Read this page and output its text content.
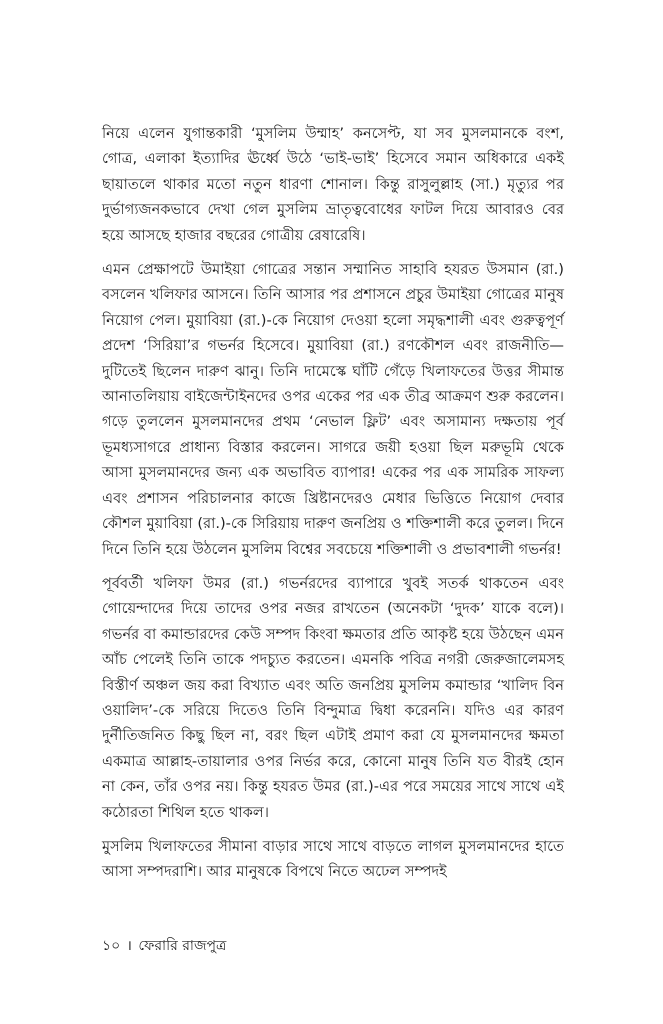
নিয়ে এলেন যুগান্তকারী ‘মুসলিম উম্মাহ’ কনসেপ্ট, যা সব মুসলমানকে বংশ, গোত্র, এলাকা ইত্যাদির ঊর্ধ্বে উঠে ‘ভাই-ভাই’ হিসেবে সমান অধিকারে একই ছায়াতলে থাকার মতো নতুন ধারণা শোনাল। কিন্তু রাসুলুল্লাহ (সা.) মৃত্যুর পর দুর্ভাগ্যজনকভাবে দেখা গেল মুসলিম ভ্রাতৃত্ববোধের ফাটল দিয়ে আবারও বের হয়ে আসছে হাজার বছরের গোত্রীয় রেষারেষি।

এমন প্রেক্ষাপটে উমাইয়া গোত্রের সন্তান সম্মানিত সাহাবি হযরত উসমান (রা.) বসলেন খলিফার আসনে। তিনি আসার পর প্রশাসনে প্রচুর উমাইয়া গোত্রের মানুষ নিয়োগ পেল। মুয়াবিয়া (রা.)-কে নিয়োগ দেওয়া হলো সমৃদ্ধশালী এবং গুরুত্বপূর্ণ প্রদেশ ‘সিরিয়া’র গভর্নর হিসেবে। মুয়াবিয়া (রা.) রণকৌশল এবং রাজনীতি— দুটিতেই ছিলেন দারুণ ঝানু। তিনি দামেস্কে ঘাঁটি গেঁড়ে খিলাফতের উত্তর সীমান্ত আনাতলিয়ায় বাইজেন্টাইনদের ওপর একের পর এক তীব্র আক্রমণ শুরু করলেন। গড়ে তুললেন মুসলমানদের প্রথম ‘নেভাল ফ্লিট’ এবং অসামান্য দক্ষতায় পূর্ব ভূমধ্যসাগরে প্রাধান্য বিস্তার করলেন। সাগরে জয়ী হওয়া ছিল মরুভূমি থেকে আসা মুসলমানদের জন্য এক অভাবিত ব্যাপার! একের পর এক সামরিক সাফল্য এবং প্রশাসন পরিচালনার কাজে খ্রিষ্টানদেরও মেধার ভিত্তিতে নিয়োগ দেবার কৌশল মুয়াবিয়া (রা.)-কে সিরিয়ায় দারুণ জনপ্রিয় ও শক্তিশালী করে তুলল। দিনে দিনে তিনি হয়ে উঠলেন মুসলিম বিশ্বের সবচেয়ে শক্তিশালী ও প্রভাবশালী গভর্নর!

পূর্ববর্তী খলিফা উমর (রা.) গভর্নরদের ব্যাপারে খুবই সতর্ক থাকতেন এবং গোয়েন্দাদের দিয়ে তাদের ওপর নজর রাখতেন (অনেকটা ‘দুদক’ যাকে বলে)। গভর্নর বা কমান্ডারদের কেউ সম্পদ কিংবা ক্ষমতার প্রতি আকৃষ্ট হয়ে উঠছেন এমন আঁচ পেলেই তিনি তাকে পদচ্যুত করতেন। এমনকি পবিত্র নগরী জেরুজালেমসহ বিস্তীর্ণ অঞ্চল জয় করা বিখ্যাত এবং অতি জনপ্রিয় মুসলিম কমান্ডার ‘খালিদ বিন ওয়ালিদ’-কে সরিয়ে দিতেও তিনি বিন্দুমাত্র দ্বিধা করেননি। যদিও এর কারণ দুর্নীতিজনিত কিছু ছিল না, বরং ছিল এটাই প্রমাণ করা যে মুসলমানদের ক্ষমতা একমাত্র আল্লাহ-তায়ালার ওপর নির্ভর করে, কোনো মানুষ তিনি যত বীরই হোন না কেন, তাঁর ওপর নয়। কিন্তু হযরত উমর (রা.)-এর পরে সময়ের সাথে সাথে এই কঠোরতা শিথিল হতে থাকল।

মুসলিম খিলাফতের সীমানা বাড়ার সাথে সাথে বাড়তে লাগল মুসলমানদের হাতে আসা সম্পদরাশি। আর মানুষকে বিপথে নিতে অঢেল সম্পদই

১০ । ফেরারি রাজপুত্র
